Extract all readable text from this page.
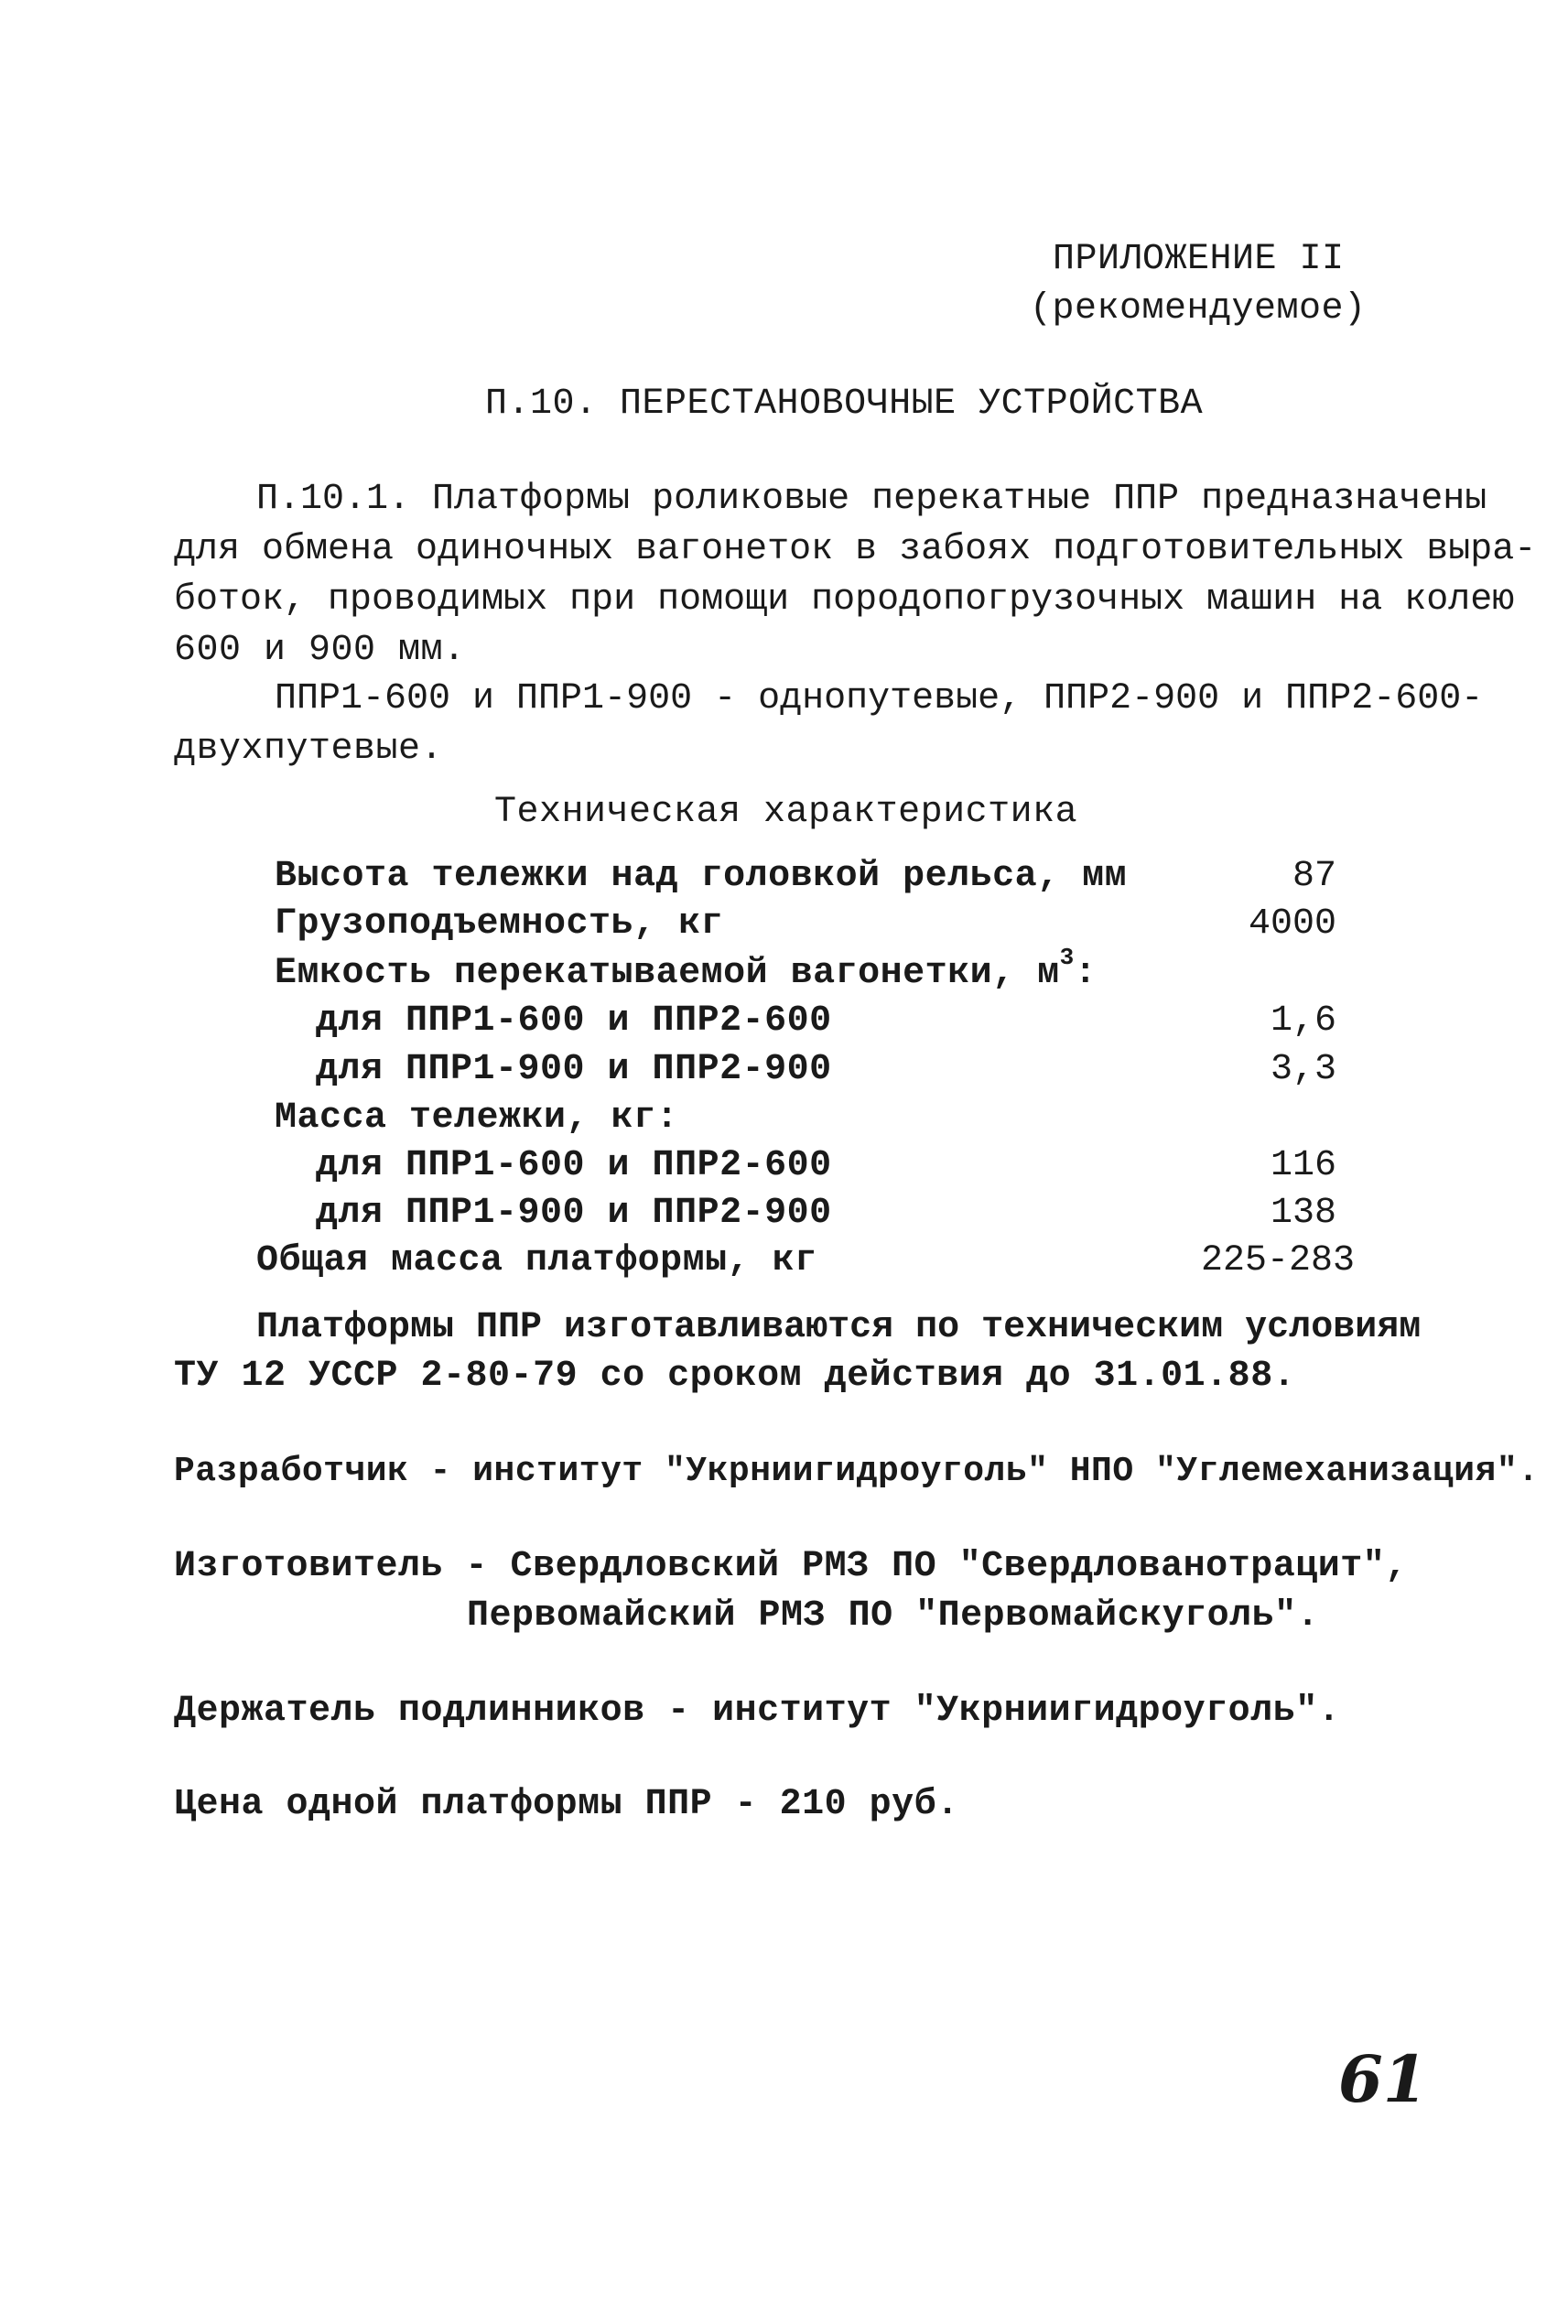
ПРИЛОЖЕНИЕ II
(рекомендуемое)
П.10. ПЕРЕСТАНОВОЧНЫЕ УСТРОЙСТВА
П.10.1. Платформы роликовые перекатные ППР предназначены
для обмена одиночных вагонеток в забоях подготовительных выра-
боток, проводимых при помощи породопогрузочных машин на колею
600 и 900 мм.
ППР1-600 и ППР1-900 - однопутевые, ППР2-900 и ППР2-600-
двухпутевые.
Техническая характеристика
Высота тележки над головкой рельса, мм	87
Грузоподъемность, кг	4000
Емкость перекатываемой вагонетки, $м^3$:
для ППР1-600 и ППР2-600	1,6
для ППР1-900 и ППР2-900	3,3
Масса тележки, кг:
для ППР1-600 и ППР2-600	116
для ППР1-900 и ППР2-900	138
Общая масса платформы, кг	225-283
Платформы ППР изготавливаются по техническим условиям
ТУ 12 УССР 2-80-79 со сроком действия до 31.01.88.
Разработчик - институт "Укрниигидроуголь" НПО "Углемеханизация".
Изготовитель - Свердловский РМЗ ПО "Свердлованотрацит",
Первомайский РМЗ ПО "Первомайскуголь".
Держатель подлинников - институт "Укрниигидроуголь".
Цена одной платформы ППР - 210 руб.
61
